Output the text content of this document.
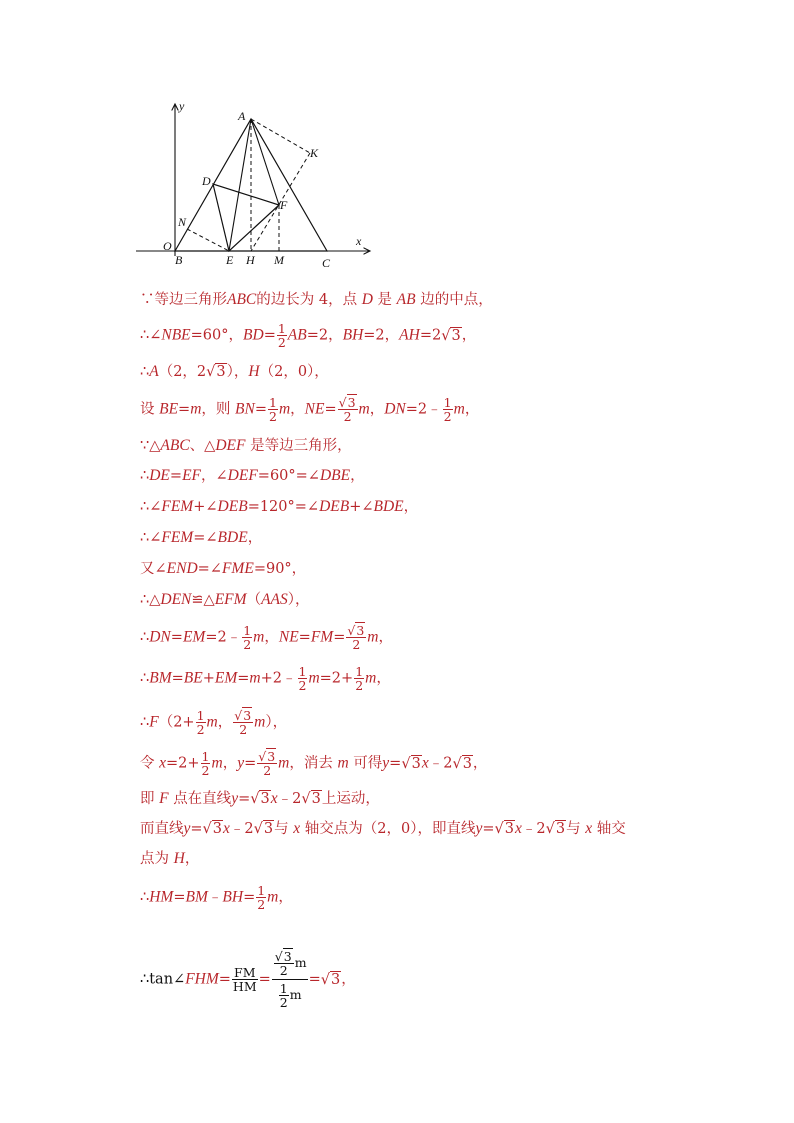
y
x
O
B
A
K
D
F
N
E H M	C
∵等边三角形ABC的边长为 4，点 D 是 AB 边的中点，
∴∠NBE=60°，$BD= \frac{1}{2} AB=2$，BH=2，AH=2√3，
∴A（2，2√3），H（2，0），
设 BE=m，则 $BN= \frac{1}{2}$ m，$NE= \frac{√3}{2}$ m，DN=2﹣ $\frac{1}{2}$ m，
∵△ABC、△DEF 是等边三角形，
∴DE=EF，∠DEF=60°=∠DBE，
∴∠FEM+∠DEB=120°=∠DEB+∠BDE，
∴∠FEM=∠BDE，
又∠END=∠FME=90°，
∴△DEN≌△EFM（AAS），
∴DN=EM=2﹣ $\frac{1}{2}$ m，$NE=FM= \frac{√3}{2}$ m，
∴BM=BE+EM=m+2﹣ $\frac{1}{2} m=2+ \frac{1}{2}$ m，
∴F（2+ $\frac{1}{2}$ m， $\frac{√3}{2} m$），
令 $x=2+ \frac{1}{2}$ m，$y= \frac{√3}{2}$ m，消去 m 可得y=√3x﹣2√3，
即 F 点在直线y=√3x﹣2√3上运动，
而直线y=√3x﹣2√3与 x 轴交点为（2，0），即直线y=√3x﹣2√3与 x 轴交
点为 H，
∴HM=BM﹣BH= $\frac{1}{2}$ m，
∴tan∠FHM= $\frac{FM}{HM} = \frac{\frac{√3}{2} m}{\frac{1}{2} m} =√3$，
